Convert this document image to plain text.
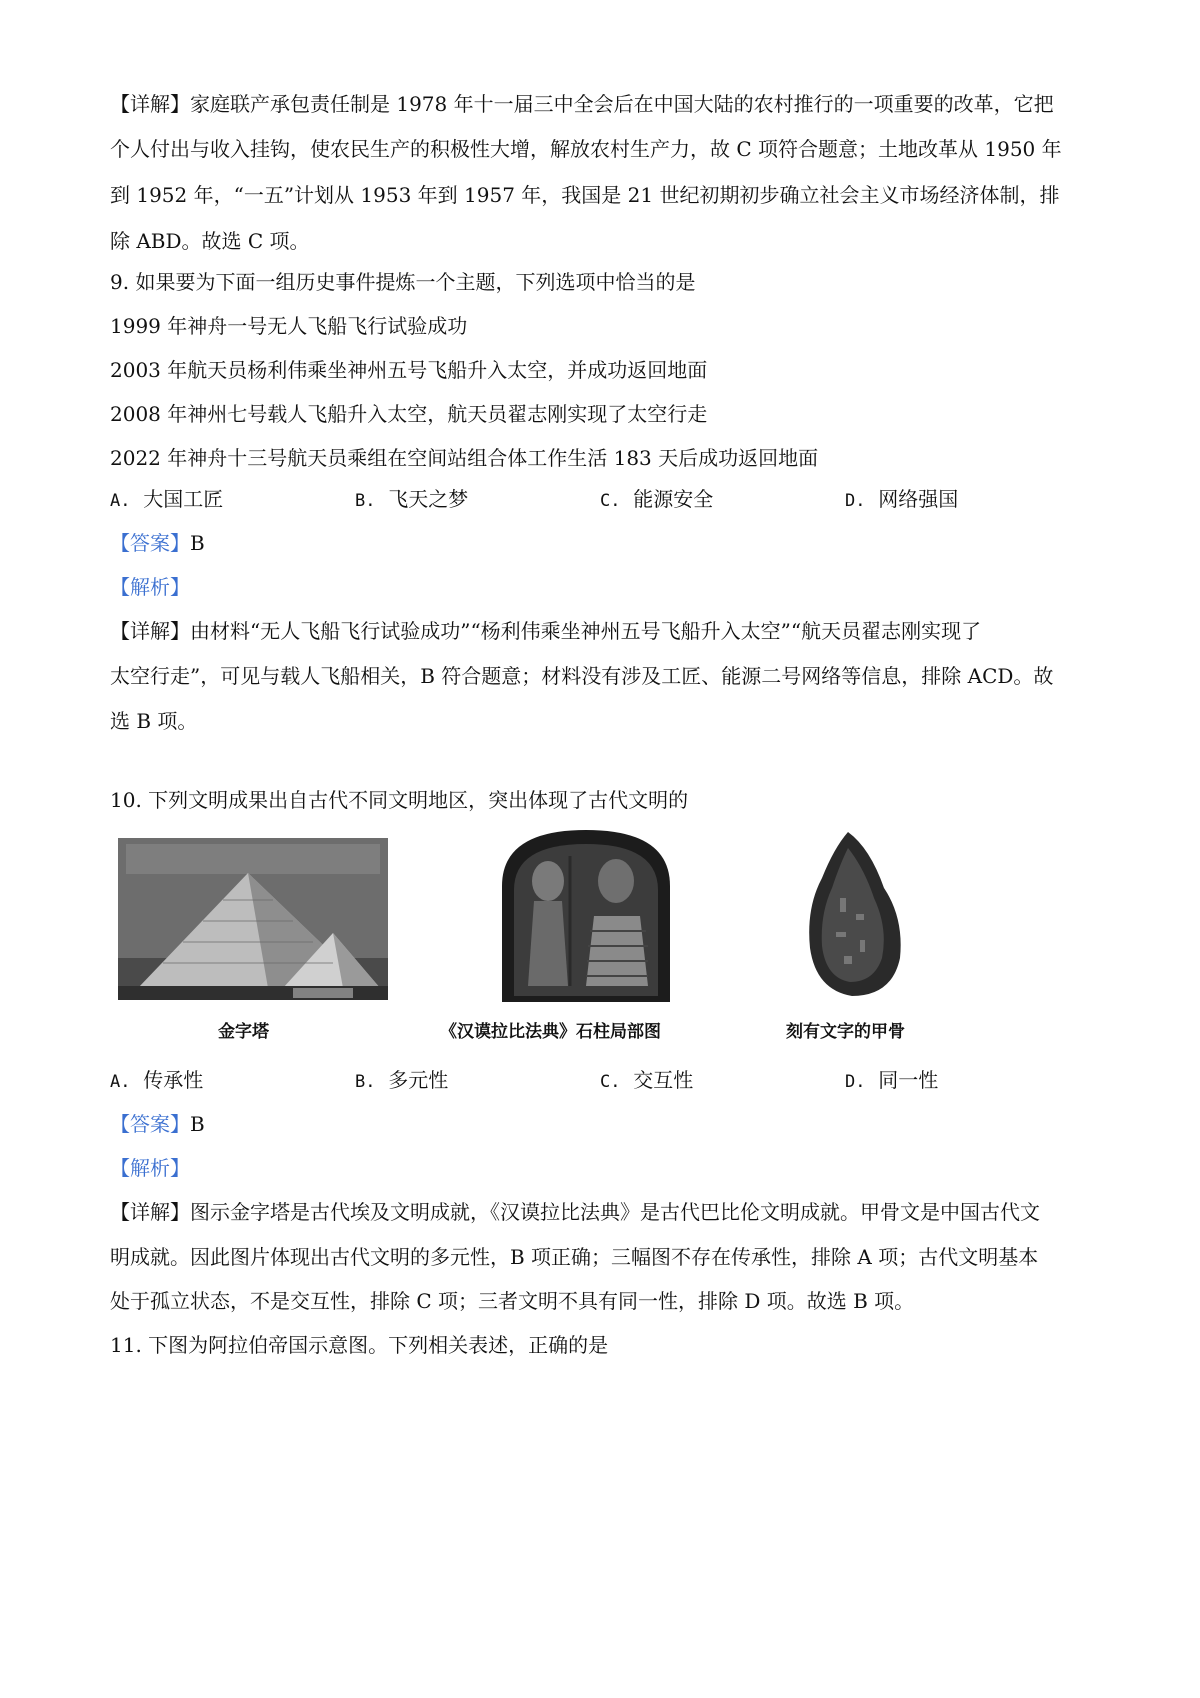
【详解】家庭联产承包责任制是 1978 年十一届三中全会后在中国大陆的农村推行的一项重要的改革，它把
个人付出与收入挂钩，使农民生产的积极性大增，解放农村生产力，故 C 项符合题意；土地改革从 1950 年
到 1952 年，“一五”计划从 1953 年到 1957 年，我国是 21 世纪初期初步确立社会主义市场经济体制，排
除 ABD。故选 C 项。
9. 如果要为下面一组历史事件提炼一个主题，下列选项中恰当的是
1999 年神舟一号无人飞船飞行试验成功
2003 年航天员杨利伟乘坐神州五号飞船升入太空，并成功返回地面
2008 年神州七号载人飞船升入太空，航天员翟志刚实现了太空行走
2022 年神舟十三号航天员乘组在空间站组合体工作生活 183 天后成功返回地面
A. 大国工匠	B. 飞天之梦	C. 能源安全	D. 网络强国
【答案】B
【解析】
【详解】由材料“无人飞船飞行试验成功”“杨利伟乘坐神州五号飞船升入太空”“航天员翟志刚实现了
太空行走”，可见与载人飞船相关，B 符合题意；材料没有涉及工匠、能源二号网络等信息，排除 ACD。故
选 B 项。
10. 下列文明成果出自古代不同文明地区，突出体现了古代文明的
金字塔	《汉谟拉比法典》石柱局部图	刻有文字的甲骨
A. 传承性	B. 多元性	C. 交互性	D. 同一性
【答案】B
【解析】
【详解】图示金字塔是古代埃及文明成就，《汉谟拉比法典》是古代巴比伦文明成就。甲骨文是中国古代文
明成就。因此图片体现出古代文明的多元性，B 项正确；三幅图不存在传承性，排除 A 项；古代文明基本
处于孤立状态，不是交互性，排除 C 项；三者文明不具有同一性，排除 D 项。故选 B 项。
11. 下图为阿拉伯帝国示意图。下列相关表述，正确的是
